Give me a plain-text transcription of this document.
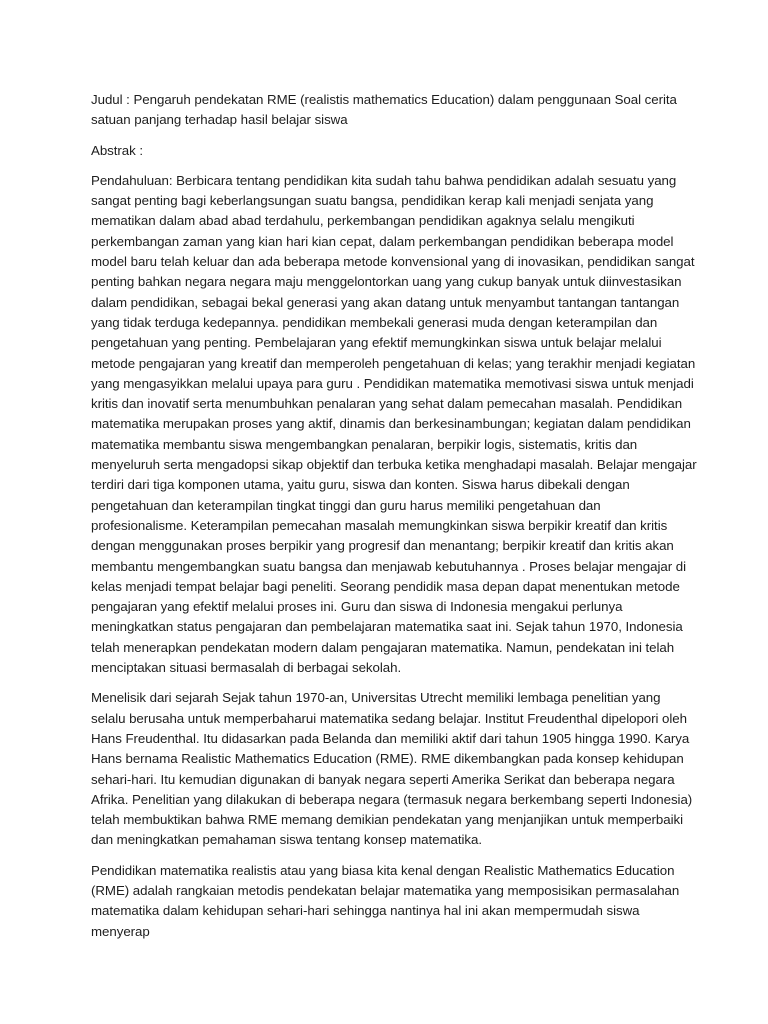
Judul : Pengaruh pendekatan RME (realistis mathematics Education) dalam penggunaan Soal cerita satuan panjang terhadap hasil belajar siswa

Abstrak :

Pendahuluan: Berbicara tentang pendidikan kita sudah tahu bahwa pendidikan adalah sesuatu yang sangat penting bagi keberlangsungan suatu bangsa, pendidikan kerap kali menjadi senjata yang mematikan dalam abad abad terdahulu, perkembangan pendidikan agaknya selalu mengikuti perkembangan zaman yang kian hari kian cepat, dalam perkembangan pendidikan beberapa model model baru telah keluar dan ada beberapa metode konvensional yang di inovasikan, pendidikan sangat penting bahkan negara negara maju menggelontorkan uang yang cukup banyak untuk diinvestasikan dalam pendidikan, sebagai bekal generasi yang akan datang untuk menyambut tantangan tantangan yang tidak terduga kedepannya. pendidikan membekali generasi muda dengan keterampilan dan pengetahuan yang penting. Pembelajaran yang efektif memungkinkan siswa untuk belajar melalui metode pengajaran yang kreatif dan memperoleh pengetahuan di kelas; yang terakhir menjadi kegiatan yang mengasyikkan melalui upaya para guru . Pendidikan matematika memotivasi siswa untuk menjadi kritis dan inovatif serta menumbuhkan penalaran yang sehat dalam pemecahan masalah. Pendidikan matematika merupakan proses yang aktif, dinamis dan berkesinambungan; kegiatan dalam pendidikan matematika membantu siswa mengembangkan penalaran, berpikir logis, sistematis, kritis dan menyeluruh serta mengadopsi sikap objektif dan terbuka ketika menghadapi masalah. Belajar mengajar terdiri dari tiga komponen utama, yaitu guru, siswa dan konten. Siswa harus dibekali dengan pengetahuan dan keterampilan tingkat tinggi dan guru harus memiliki pengetahuan dan profesionalisme. Keterampilan pemecahan masalah memungkinkan siswa berpikir kreatif dan kritis dengan menggunakan proses berpikir yang progresif dan menantang; berpikir kreatif dan kritis akan membantu mengembangkan suatu bangsa dan menjawab kebutuhannya . Proses belajar mengajar di kelas menjadi tempat belajar bagi peneliti. Seorang pendidik masa depan dapat menentukan metode pengajaran yang efektif melalui proses ini. Guru dan siswa di Indonesia mengakui perlunya meningkatkan status pengajaran dan pembelajaran matematika saat ini. Sejak tahun 1970, Indonesia telah menerapkan pendekatan modern dalam pengajaran matematika. Namun, pendekatan ini telah menciptakan situasi bermasalah di berbagai sekolah.

Menelisik dari sejarah Sejak tahun 1970-an, Universitas Utrecht memiliki lembaga penelitian yang selalu berusaha untuk memperbaharui matematika sedang belajar. Institut Freudenthal dipelopori oleh Hans Freudenthal. Itu didasarkan pada Belanda dan memiliki aktif dari tahun 1905 hingga 1990. Karya Hans bernama Realistic Mathematics Education (RME). RME dikembangkan pada konsep kehidupan sehari-hari. Itu kemudian digunakan di banyak negara seperti Amerika Serikat dan beberapa negara Afrika. Penelitian yang dilakukan di beberapa negara (termasuk negara berkembang seperti Indonesia) telah membuktikan bahwa RME memang demikian pendekatan yang menjanjikan untuk memperbaiki dan meningkatkan pemahaman siswa tentang konsep matematika.

Pendidikan matematika realistis atau yang biasa kita kenal dengan Realistic Mathematics Education (RME) adalah rangkaian metodis pendekatan belajar matematika yang memposisikan permasalahan matematika dalam kehidupan sehari-hari sehingga nantinya hal ini akan mempermudah siswa menyerap
